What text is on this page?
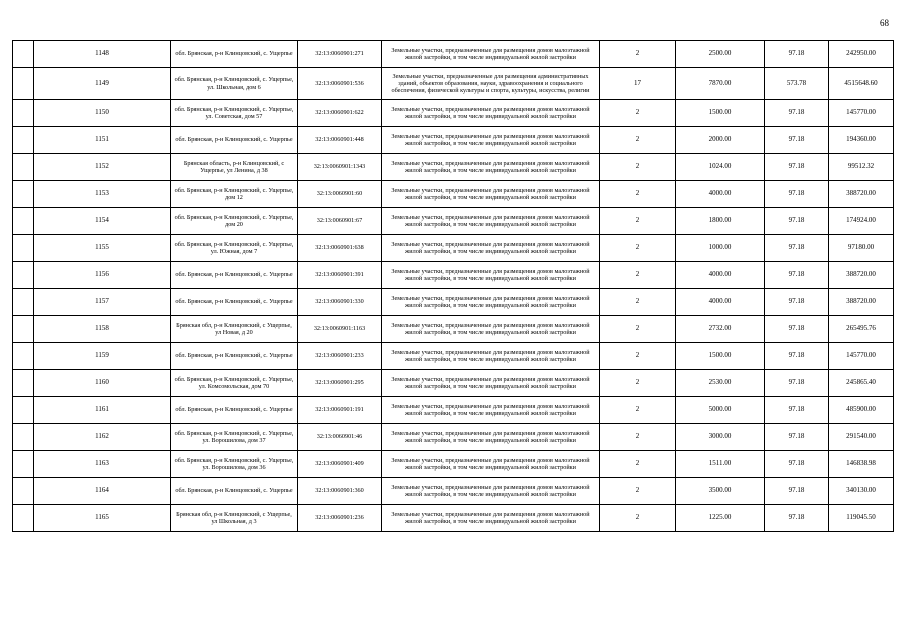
68
	1148	обл. Брянская, р-н Клинцовский, с. Ущерпье	32:13:0060901:271	Земельные участки, предназначенные для размещения домов малоэтажной жилой застройки, в том числе индивидуальной жилой застройки	2	2500.00	97.18	242950.00
	1149	обл. Брянская, р-н Клинцовский, с. Ущерпье, ул. Школьная, дом 6	32:13:0060901:536	Земельные участки, предназначенные для размещения административных зданий, объектов образования, науки, здравоохранения и социального обеспечения, физической культуры и спорта, культуры, искусства, религии	17	7870.00	573.78	4515648.60
	1150	обл. Брянская, р-н Клинцовский, с. Ущерпье, ул. Советская, дом 57	32:13:0060901:622	Земельные участки, предназначенные для размещения домов малоэтажной жилой застройки, в том числе индивидуальной жилой застройки	2	1500.00	97.18	145770.00
	1151	обл. Брянская, р-н Клинцовский, с. Ущерпье	32:13:0060901:448	Земельные участки, предназначенные для размещения домов малоэтажной жилой застройки, в том числе индивидуальной жилой застройки	2	2000.00	97.18	194360.00
	1152	Брянская область, р-н Клинцовский, с Ущерпье, ул Ленина, д 38	32:13:0060901:1343	Земельные участки, предназначенные для размещения домов малоэтажной жилой застройки, в том числе индивидуальной жилой застройки	2	1024.00	97.18	99512.32
	1153	обл. Брянская, р-н Клинцовский, с. Ущерпье, дом 12	32:13:0060901:60	Земельные участки, предназначенные для размещения домов малоэтажной жилой застройки, в том числе индивидуальной жилой застройки	2	4000.00	97.18	388720.00
	1154	обл. Брянская, р-н Клинцовский, с. Ущерпье, дом 20	32:13:0060901:67	Земельные участки, предназначенные для размещения домов малоэтажной жилой застройки, в том числе индивидуальной жилой застройки	2	1800.00	97.18	174924.00
	1155	обл. Брянская, р-н Клинцовский, с. Ущерпье, ул. Южная, дом 7	32:13:0060901:638	Земельные участки, предназначенные для размещения домов малоэтажной жилой застройки, в том числе индивидуальной жилой застройки	2	1000.00	97.18	97180.00
	1156	обл. Брянская, р-н Клинцовский, с. Ущерпье	32:13:0060901:391	Земельные участки, предназначенные для размещения домов малоэтажной жилой застройки, в том числе индивидуальной жилой застройки	2	4000.00	97.18	388720.00
	1157	обл. Брянская, р-н Клинцовский, с. Ущерпье	32:13:0060901:330	Земельные участки, предназначенные для размещения домов малоэтажной жилой застройки, в том числе индивидуальной жилой застройки	2	4000.00	97.18	388720.00
	1158	Брянская обл, р-н Клинцовский, с Ущерпье, ул Новая, д 20	32:13:0060901:1163	Земельные участки, предназначенные для размещения домов малоэтажной жилой застройки, в том числе индивидуальной жилой застройки	2	2732.00	97.18	265495.76
	1159	обл. Брянская, р-н Клинцовский, с. Ущерпье	32:13:0060901:233	Земельные участки, предназначенные для размещения домов малоэтажной жилой застройки, в том числе индивидуальной жилой застройки	2	1500.00	97.18	145770.00
	1160	обл. Брянская, р-н Клинцовский, с. Ущерпье, ул. Комсомольская, дом 70	32:13:0060901:295	Земельные участки, предназначенные для размещения домов малоэтажной жилой застройки, в том числе индивидуальной жилой застройки	2	2530.00	97.18	245865.40
	1161	обл. Брянская, р-н Клинцовский, с. Ущерпье	32:13:0060901:191	Земельные участки, предназначенные для размещения домов малоэтажной жилой застройки, в том числе индивидуальной жилой застройки	2	5000.00	97.18	485900.00
	1162	обл. Брянская, р-н Клинцовский, с. Ущерпье, ул. Ворошилова, дом 37	32:13:0060901:46	Земельные участки, предназначенные для размещения домов малоэтажной жилой застройки, в том числе индивидуальной жилой застройки	2	3000.00	97.18	291540.00
	1163	обл. Брянская, р-н Клинцовский, с. Ущерпье, ул. Ворошилова, дом 36	32:13:0060901:409	Земельные участки, предназначенные для размещения домов малоэтажной жилой застройки, в том числе индивидуальной жилой застройки	2	1511.00	97.18	146838.98
	1164	обл. Брянская, р-н Клинцовский, с. Ущерпье	32:13:0060901:360	Земельные участки, предназначенные для размещения домов малоэтажной жилой застройки, в том числе индивидуальной жилой застройки	2	3500.00	97.18	340130.00
	1165	Брянская обл, р-н Клинцовский, с Ущерпье, ул Школьная, д 3	32:13:0060901:236	Земельные участки, предназначенные для размещения домов малоэтажной жилой застройки, в том числе индивидуальной жилой застройки	2	1225.00	97.18	119045.50
